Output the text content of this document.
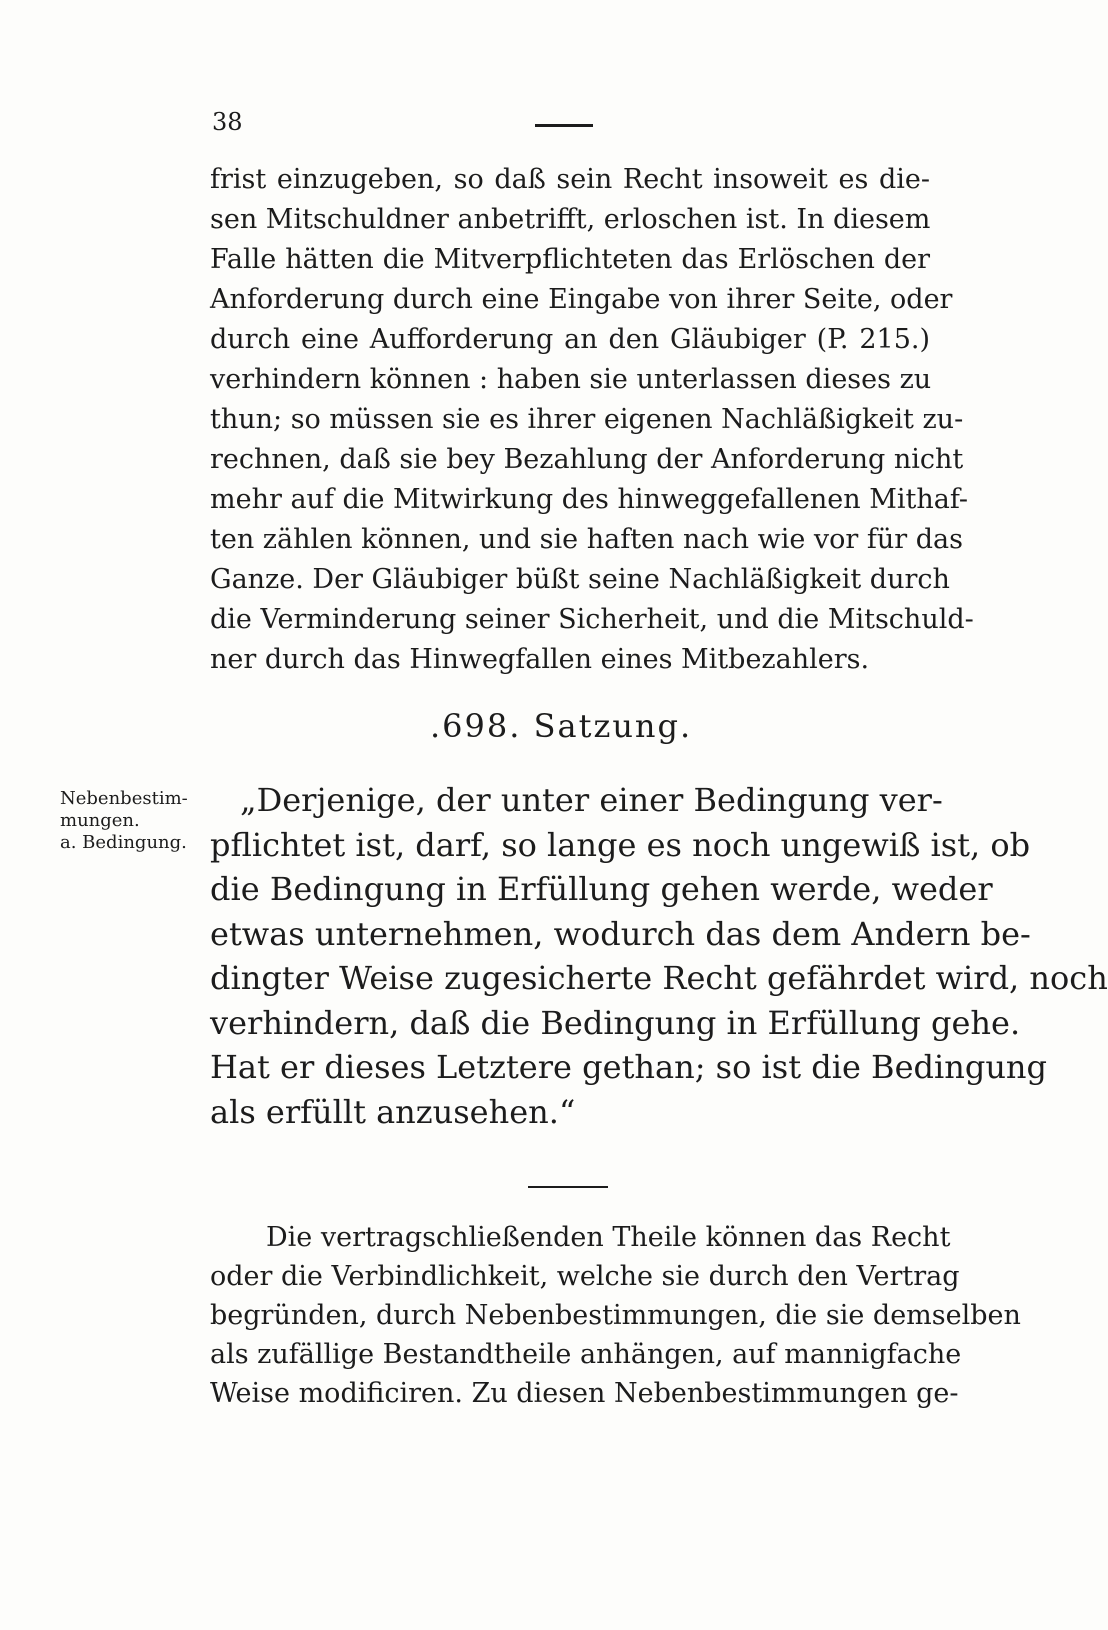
38
frist einzugeben, so daß sein Recht insoweit es die-
sen Mitschuldner anbetrifft, erloschen ist. In diesem
Falle hätten die Mitverpflichteten das Erlöschen der
Anforderung durch eine Eingabe von ihrer Seite, oder
durch eine Aufforderung an den Gläubiger (P. 215.)
verhindern können : haben sie unterlassen dieses zu
thun; so müssen sie es ihrer eigenen Nachläßigkeit zu-
rechnen, daß sie bey Bezahlung der Anforderung nicht
mehr auf die Mitwirkung des hinweggefallenen Mithaf-
ten zählen können, und sie haften nach wie vor für das
Ganze. Der Gläubiger büßt seine Nachläßigkeit durch
die Verminderung seiner Sicherheit, und die Mitschuld-
ner durch das Hinwegfallen eines Mitbezahlers.
.698. Satzung.
Nebenbestim-
mungen.
a. Bedingung.
„Derjenige, der unter einer Bedingung ver-
pflichtet ist, darf, so lange es noch ungewiß ist, ob
die Bedingung in Erfüllung gehen werde, weder
etwas unternehmen, wodurch das dem Andern be-
dingter Weise zugesicherte Recht gefährdet wird, noch
verhindern, daß die Bedingung in Erfüllung gehe.
Hat er dieses Letztere gethan; so ist die Bedingung
als erfüllt anzusehen.“
Die vertragschließenden Theile können das Recht
oder die Verbindlichkeit, welche sie durch den Vertrag
begründen, durch Nebenbestimmungen, die sie demselben
als zufällige Bestandtheile anhängen, auf mannigfache
Weise modificiren. Zu diesen Nebenbestimmungen ge-
